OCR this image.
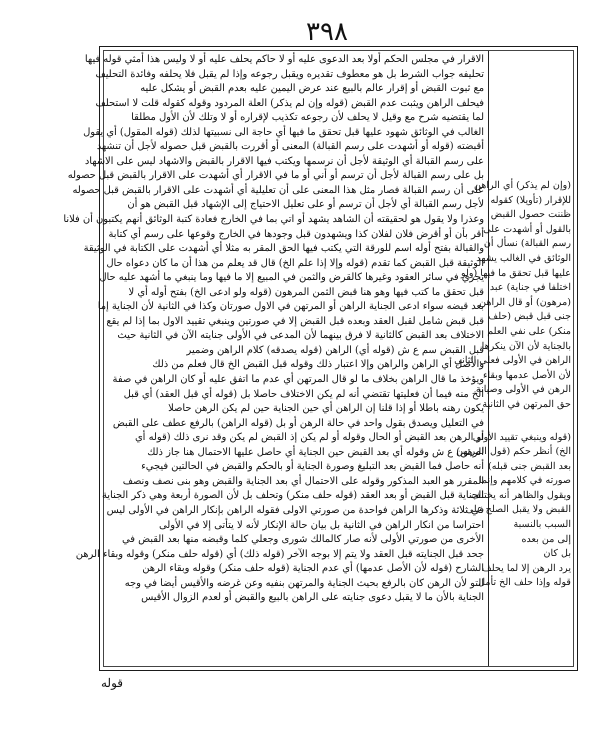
٣٩٨
الاقرار في مجلس الحكم أولا بعد الدعوى عليه أو لا حاكم يحلف عليه أو لا وليس هذا أمثي قوله فيها
تحليفه جواب الشرط بل هو معطوف تقديره ويقبل رجوعه وإذا لم يقبل فلا يحلفه وفائدة التحليف
مع ثبوت القبض أو إقرار عالم بالبيع عند عرض اليمين عليه بعدم القبض أو يشكل عليه
فيحلف الراهن ويثبت عدم القبض (قوله وإن لم يذكر) العلة المردود وقوله كقوله قلت لا استحلف
لما يقتضيه شرح مع وقيل لا يحلف لأن رجوعه تكذيب لإقراره أو لا وتلك لأن الأول مطلقا
الغالب في الوثائق شهود عليها قبل تحقق ما فيها أي حاجة الى نسبيتها لذلك (قوله المقول) أي يقول
أقبضته (قوله أو أشهدت على رسم القبالة) المعنى أو أقررت بالقبض قبل حصوله لأجل أن تنشهد
على رسم القبالة أي الوثيقة لأجل أن نرسمها ويكتب فيها الاقرار بالقبض والاشهاد ليس على الاشهاد
بل على رسم القبالة لأجل أن ترسم أو أني أو ما في الاقرار أي أشهدت على الاقرار بالقبض قبل حصوله
على أن رسم القبالة فصار مثل هذا المعنى على أن تعليلية أي أشهدت على الاقرار بالقبض قبل حصوله
لأجل رسم القبالة أي لأجل أن ترسم أو على تعليل الاحتياج إلى الإشهاد قبل القبض هو أن
وعذرا ولا يقول هو لحقيقته أن الشاهد يشهد أو اتي بما في الخارج فعادة كتبة الوثائق أنهم يكتبون أن فلانا
أقر بأن أو أقرض فلان لفلان كذا ويشهدون قبل وجودها في الخارج وقوعها على رسم أي كتابة
والقبالة بفتح أوله اسم للورقة التي يكتب فيها الحق المقر به مثلا أي أشهدت على الكتابة في الوثيقة
الوثيقة قبل القبض كما تقدم (قوله وإلا إذا علم الخ) قال قد يعلم من هذا أن ما كان دعواه حال
يجري في سائر العقود وغيرها كالقرض والثمن في المبيع إلا ما فيها وما ينبغي ما أشهد عليه حال
قبل تحقق ما كتب فيها وهو هنا قبض الثمن المرهون (قوله ولو ادعى الخ) بفتح أوله أي لا
بعد قبضه سواء ادعى الجناية الراهن أو المرتهن في الاول صورتان وكذا في الثانية لأن الجناية إما
قبل قبض شامل لقبل العقد وبعده قبل القبض إلا في صورتين وينبغي تقييد الاول بما إذا لم يقع
الاختلاف بعد القبض كالثانية لا فرق بينهما لأن المدعى في الأولى جنايته الآن في الثانية حيث
قبل القبض سم ع ش (قوله أي) الراهن (قوله يصدقه) كلام الراهن وضمير
والأصل أي الراهن والراهن وإلا اعتبار ذلك وقوله قبل القبض الخ قال فعلم من ذلك
ويؤخذ ما قال الراهن بخلاف ما لو قال المرتهن أي عدم ما اتفق عليه أو كان الراهن في صفة
الخ منه فيما أن فعليتها تقتضي أنه لم يكن الاختلاف حاصلا بل (قوله أي قبل العقد) أي قبل
يكون رهنه باطلا أو إذا قلنا إن الراهن أي حين الجناية حين لم يكن الرهن حاصلا
في التعليل ويصدق بقول واحد في حالة الرهن أو بل (قوله الراهن) بالرفع عطف على القبض
أو الرهن بعد القبض أو الحال وقوله أو لم يكن إذ القبض لم يكن وقد نرى ذلك (قوله أي
الرهن) ع ش وقوله أي بعد القبض حين الجناية أي حاصل عليها الاحتمال هنا جاز ذلك
أنه حاصل فما القبض بعد التبليغ وصورة الجناية أو بالحكم والقبض في الحالتين فيجيء
المقرر هو العبد المذكور وقوله على الاحتمال أي بعد الجناية والقبض وهو بنى نصف ونصف
الجناية قبل القبض أو بعد العقد (قوله حلف منكر) وتحلف بل لأن الصورة أربعة وهي ذكر الجناية
في ثلاثة وذكرها الراهن فواحدة من صورتي الاولى فقوله الراهن بإنكار الراهن في الأولى ليس
احتراسا من انكار الراهن في الثانية بل بيان حالة الإنكار لأنه لا يتأتى إلا في الأولى
الأخرى من صورتي الأولى لأنه صار كالمالك شورى وجعلي كلما وقبضه منها بعد القبض في
جحد قبل الجنايته قبل العقد ولا يتم إلا بوجه الآخر (قوله ذلك) أي (قوله حلف منكر) وقوله وبقاء الرهن
الشارح (قوله لأن الأصل عدمها) أي عدم الجناية (قوله حلف منكر) وقوله وبقاء الرهن
التو لأن الرهن كان بالرفع بحيث الجناية والمرتهن بنفيه وعن غرضه والأقيس أيضا في وجه
الجناية بالأن ما لا يقبل دعوى جنايته على الراهن بالبيع والقبض أو لعدم الزوال الأقيس
(وإن لم يذكر) أي الراهن
للإقرار (تأويلا) كقوله
ظننت حصول القبض
بالقول أو أشهدت على
رسم القبالة) نسأل أن
الوثائق في الغالب يشهد
عليها قبل تحقق ما فيها (ولو
اختلفا في جناية) عبد
(مرهون) أو قال الراهن
جنى قبل قبض (حلف
منكر) على نفي العلم
بالجناية لأن الآن ينكرها
الراهن في الأولى فعلى الثاني
لأن الأصل عدمها وبقاء
الرهن في الأولى وصيانة
حق المرتهن في الثانية
(قوله وينبغي تقييد الأولى
الخ) أنظر حكم (قول المرتهن
بعد القبض جنى قبله)
صورته في كلامهم وإنما
ويقول والظاهر أنه يختلف
القبض ولا يقبل الصلح على
السبب بالنسبة
إلى من بعده
بل كان
يرد الرهن إلا لما يحلف
قوله وإذا حلف الخ تأمل
قوله
